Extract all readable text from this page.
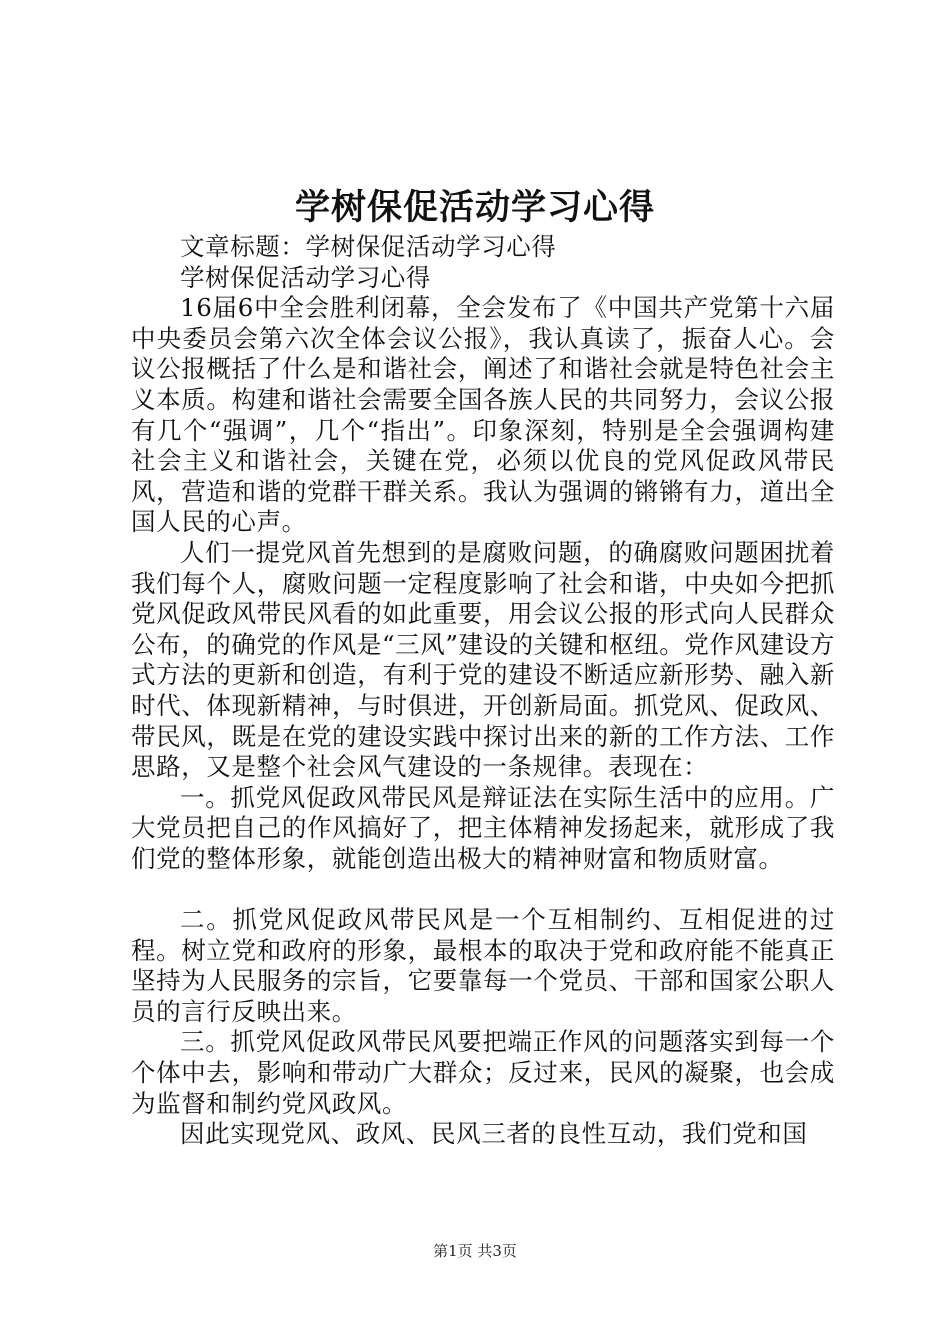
学树保促活动学习心得

文章标题：学树保促活动学习心得

学树保促活动学习心得

16届6中全会胜利闭幕，全会发布了《中国共产党第十六届中央委员会第六次全体会议公报》，我认真读了，振奋人心。会议公报概括了什么是和谐社会，阐述了和谐社会就是特色社会主义本质。构建和谐社会需要全国各族人民的共同努力，会议公报有几个“强调”，几个“指出”。印象深刻，特别是全会强调构建社会主义和谐社会，关键在党，必须以优良的党风促政风带民风，营造和谐的党群干群关系。我认为强调的锵锵有力，道出全国人民的心声。

人们一提党风首先想到的是腐败问题，的确腐败问题困扰着我们每个人，腐败问题一定程度影响了社会和谐，中央如今把抓党风促政风带民风看的如此重要，用会议公报的形式向人民群众公布，的确党的作风是“三风”建设的关键和枢纽。党作风建设方式方法的更新和创造，有利于党的建设不断适应新形势、融入新时代、体现新精神，与时俱进，开创新局面。抓党风、促政风、带民风，既是在党的建设实践中探讨出来的新的工作方法、工作思路，又是整个社会风气建设的一条规律。表现在：

一。抓党风促政风带民风是辩证法在实际生活中的应用。广大党员把自己的作风搞好了，把主体精神发扬起来，就形成了我们党的整体形象，就能创造出极大的精神财富和物质财富。

二。抓党风促政风带民风是一个互相制约、互相促进的过程。树立党和政府的形象，最根本的取决于党和政府能不能真正坚持为人民服务的宗旨，它要靠每一个党员、干部和国家公职人员的言行反映出来。

三。抓党风促政风带民风要把端正作风的问题落实到每一个个体中去，影响和带动广大群众；反过来，民风的凝聚，也会成为监督和制约党风政风。

因此实现党风、政风、民风三者的良性互动，我们党和国

第1页 共3页
